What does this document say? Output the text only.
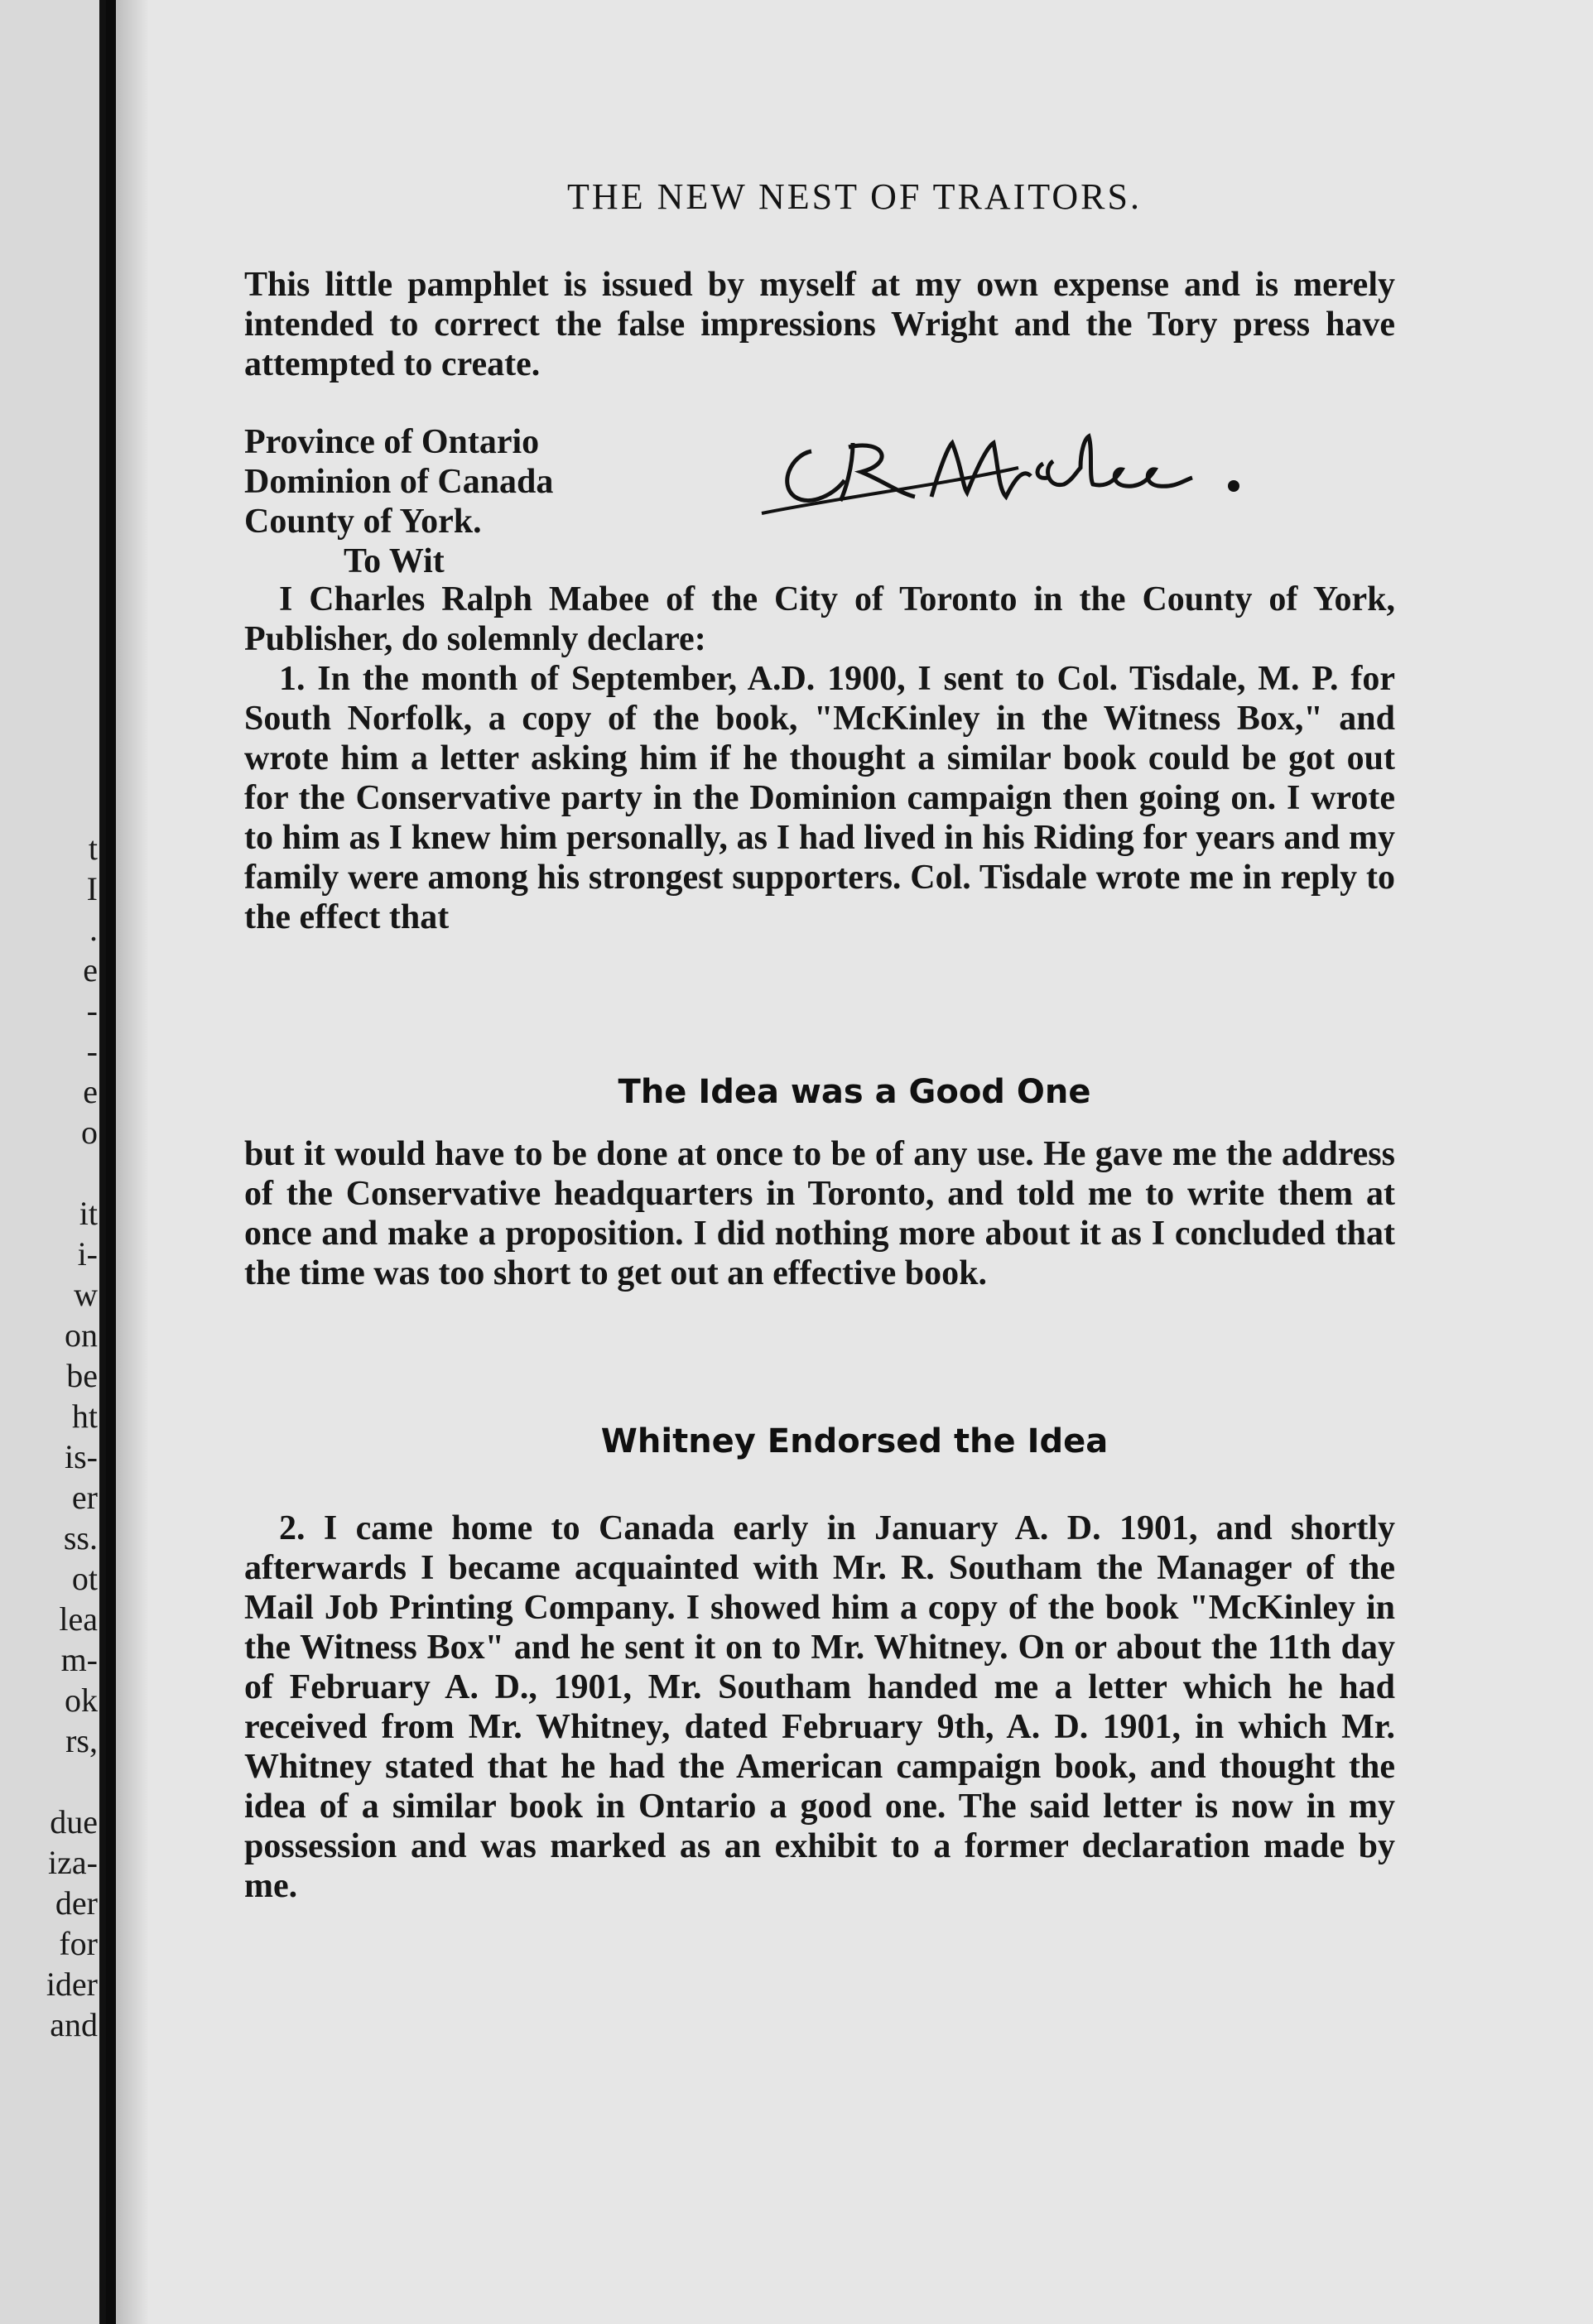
t
I
.
e
-
-
e
o
it
i-
w
on
be
ht
is-
er
ss.
ot
lea
m-
ok
rs,
due
iza-
der
for
ider
and
THE NEW NEST OF TRAITORS.
This little pamphlet is issued by myself at my own expense and is merely intended to correct the false impressions Wright and the Tory press have attempted to create.
Province of Ontario
Dominion of Canada
County of York.
To Wit
I Charles Ralph Mabee of the City of Toronto in the County of York, Publisher, do solemnly declare:
1. In the month of September, A.D. 1900, I sent to Col. Tisdale, M. P. for South Norfolk, a copy of the book, "McKinley in the Witness Box," and wrote him a letter asking him if he thought a similar book could be got out for the Conservative party in the Dominion campaign then going on. I wrote to him as I knew him personally, as I had lived in his Riding for years and my family were among his strongest supporters. Col. Tisdale wrote me in reply to the effect that
The Idea was a Good One
but it would have to be done at once to be of any use. He gave me the address of the Conservative headquarters in Toronto, and told me to write them at once and make a proposition. I did nothing more about it as I concluded that the time was too short to get out an effective book.
Whitney Endorsed the Idea
2. I came home to Canada early in January A. D. 1901, and shortly afterwards I became acquainted with Mr. R. Southam the Manager of the Mail Job Printing Company. I showed him a copy of the book "McKinley in the Witness Box" and he sent it on to Mr. Whitney. On or about the 11th day of February A. D., 1901, Mr. Southam handed me a letter which he had received from Mr. Whitney, dated February 9th, A. D. 1901, in which Mr. Whitney stated that he had the American campaign book, and thought the idea of a similar book in Ontario a good one. The said letter is now in my possession and was marked as an exhibit to a former declaration made by me.
